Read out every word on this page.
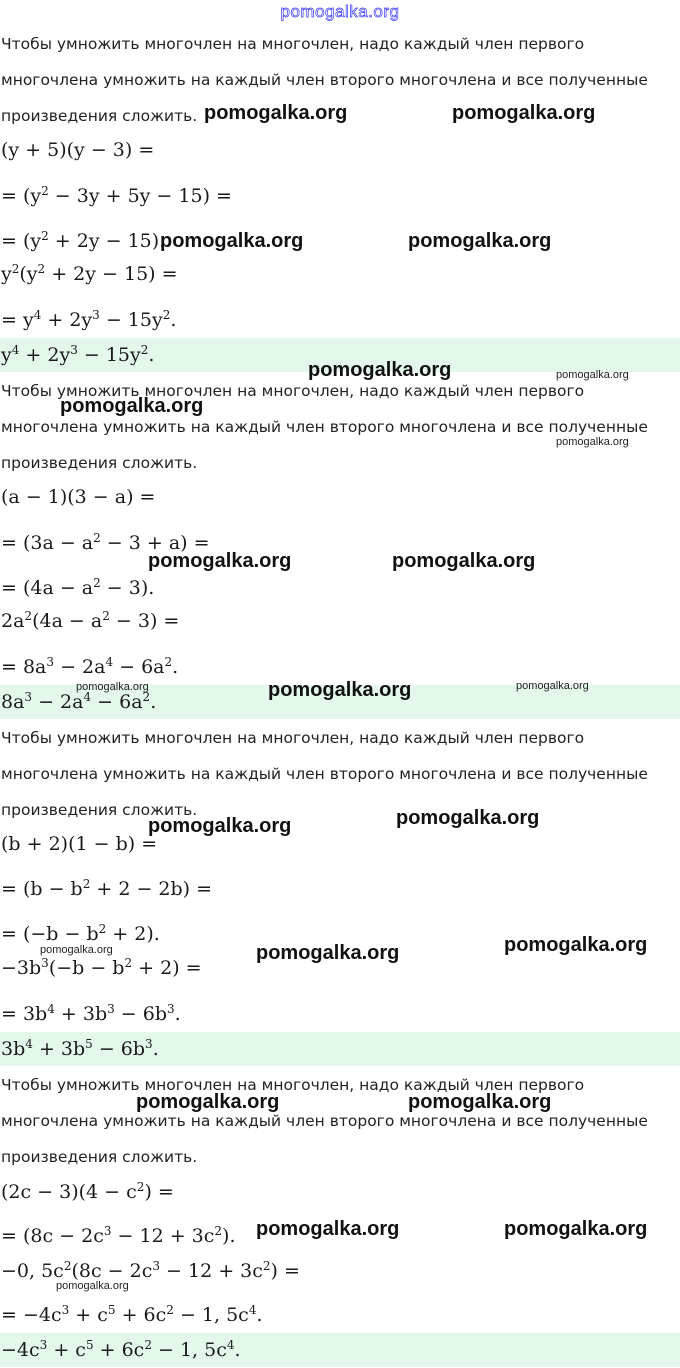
pomogalka.org
Чтобы умножить многочлен на многочлен, надо каждый член первого
многочлена умножить на каждый член второго многочлена и все полученные
произведения сложить.
(y + 5)(y − 3) =
= $(y^2 - 3y + 5y - 15)$ =
= $(y^2 + 2y - 15)$.
$y^2(y^2 + 2y - 15)$ =
= $y^4 + 2y^3 - 15y^2$.
$y^4 + 2y^3 - 15y^2$.
Чтобы умножить многочлен на многочлен, надо каждый член первого
многочлена умножить на каждый член второго многочлена и все полученные
произведения сложить.
(a − 1)(3 − a) =
= $(3a - a^2 - 3 + a)$ =
= $(4a - a^2 - 3)$.
$2a^2(4a - a^2 - 3)$ =
= $8a^3 - 2a^4 - 6a^2$.
$8a^3 - 2a^4 - 6a^2$.
Чтобы умножить многочлен на многочлен, надо каждый член первого
многочлена умножить на каждый член второго многочлена и все полученные
произведения сложить.
(b + 2)(1 − b) =
= $(b - b^2 + 2 - 2b)$ =
= $(-b - b^2 + 2)$.
$-3b^3(-b - b^2 + 2)$ =
= $3b^4 + 3b^3 - 6b^3$.
$3b^4 + 3b^5 - 6b^3$.
Чтобы умножить многочлен на многочлен, надо каждый член первого
многочлена умножить на каждый член второго многочлена и все полученные
произведения сложить.
$(2c - 3)(4 - c^2)$ =
= $(8c - 2c^3 - 12 + 3c^2)$.
−0, $5c^2(8c - 2c^3 - 12 + 3c^2)$ =
= $-4c^3 + c^5 + 6c^2 - 1$, $5c^4$.
$-4c^3 + c^5 + 6c^2 - 1$, $5c^4$.
pomogalka.org	pomogalka.org
pomogalka.org	pomogalka.org
pomogalka.org	pomogalka.org
pomogalka.org
pomogalka.org
pomogalka.org	pomogalka.org
pomogalka.org	pomogalka.org	pomogalka.org
pomogalka.org	pomogalka.org
pomogalka.org	pomogalka.org	pomogalka.org
pomogalka.org	pomogalka.org
pomogalka.org	pomogalka.org
pomogalka.org
